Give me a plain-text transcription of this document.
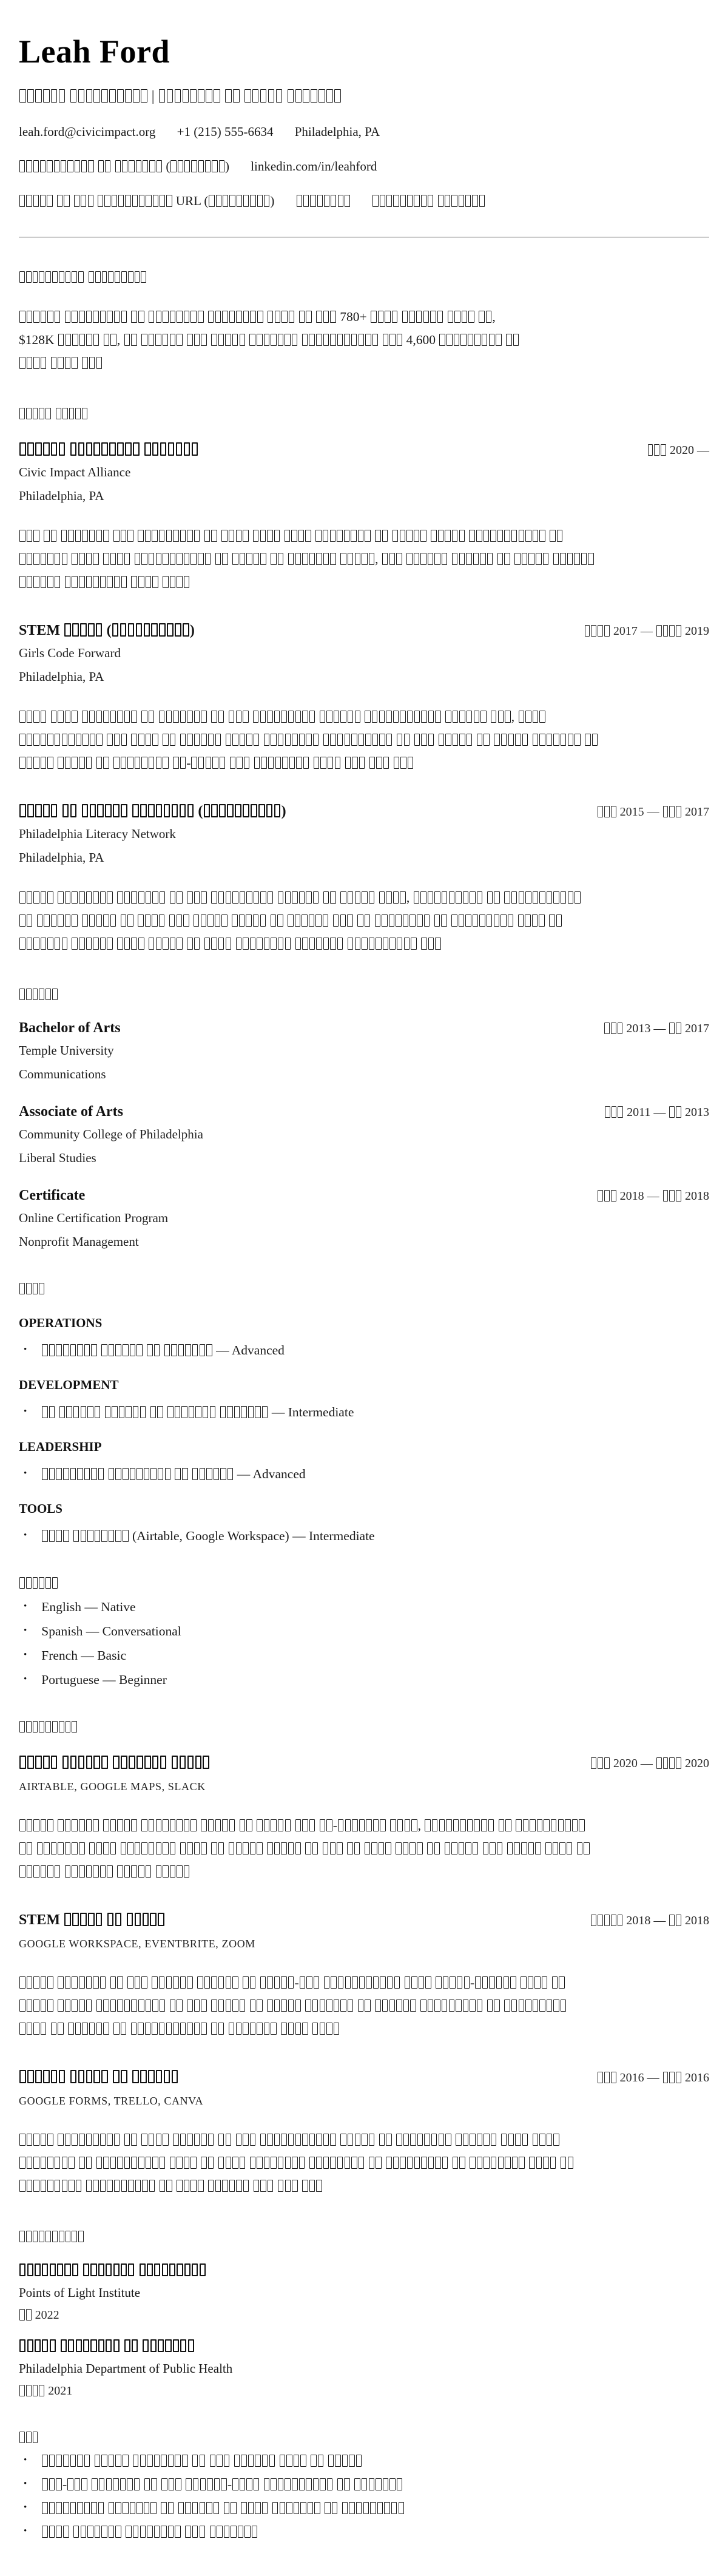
Leah Ford
|
leah.ford@civicimpact.org +1 (215) 555-6634 Philadelphia, PA
(	) linkedin.com/in/leahford
URL (	)

780+	,
$128K	,	4,600

2020 —
Civic Impact Alliance
Philadelphia, PA

,

STEM	(	)	2017 —  2019
Girls Code Forward
Philadelphia, PA
,

-
(	)	2015 —  2017
Philadelphia Literacy Network
Philadelphia, PA
,

Bachelor of Arts	2013 —  2017
Temple University
Communications
Associate of Arts	2011 —  2013
Community College of Philadelphia
Liberal Studies
Certificate	2018 —  2018
Online Certification Program
Nonprofit Management
OPERATIONS
•	— Advanced
DEVELOPMENT
•	— Intermediate
LEADERSHIP
•	— Advanced
TOOLS
•	(Airtable, Google Workspace) — Intermediate
• English — Native
• Spanish — Conversational
• French — Basic
• Portuguese — Beginner

2020 —  2020
AIRTABLE, GOOGLE MAPS, SLACK
-	,

STEM	2018 —  2018
GOOGLE WORKSPACE, EVENTBRITE, ZOOM
-	-

2016 —  2016
GOOGLE FORMS, TRELLO, CANVA

Points of Light Institute
2022

Philadelphia Department of Public Health
2021
•

•	-	-
•

•
